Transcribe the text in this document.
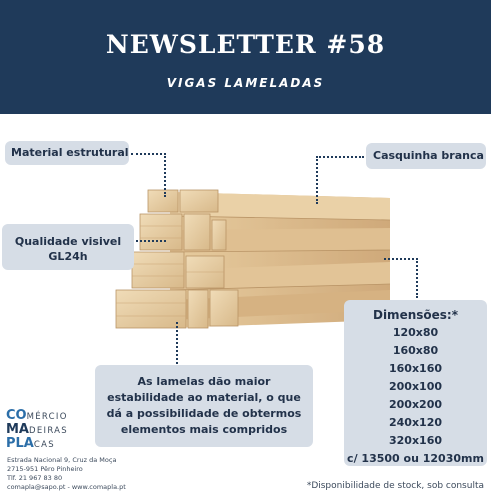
NEWSLETTER #58
VIGAS LAMELADAS
Material estrutural	Casquinha branca
Qualidade visivel
GL24h
Dimensões:*
120x80
160x80
160x160
200x100
200x200
240x120
320x160
c/ 13500 ou 12030mm
As lamelas dão maior
estabilidade ao material, o que
dá a possibilidade de obtermos
elementos mais compridos
COMÉRCIO
MADEIRAS
PLACAS
Estrada Nacional 9, Cruz da Moça
2715-951 Pêro Pinheiro
Tlf. 21 967 83 80
comapla@sapo.pt - www.comapla.pt	*Disponibilidade de stock, sob consulta
